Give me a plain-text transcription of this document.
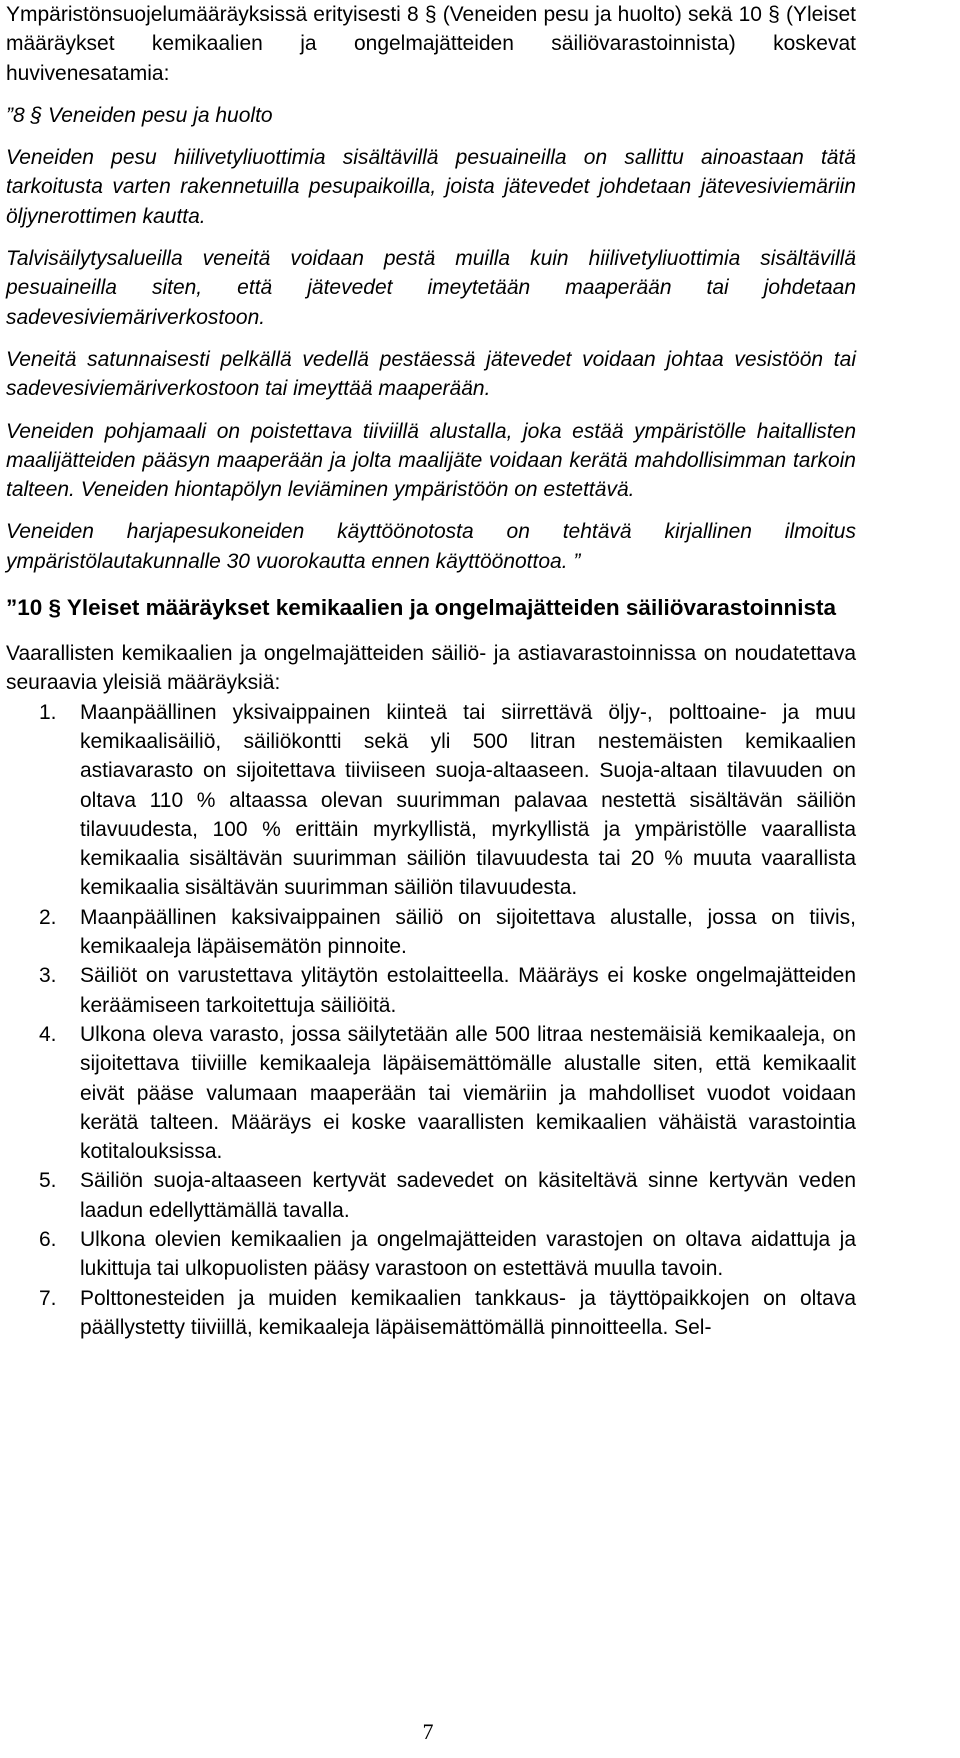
Ympäristönsuojelumääräyksissä erityisesti 8 § (Veneiden pesu ja huolto) sekä 10 § (Yleiset määräykset kemikaalien ja ongelmajätteiden säiliövarastoinnista) koskevat huvivenesatamia:

”8 § Veneiden pesu ja huolto

Veneiden pesu hiilivetyliuottimia sisältävillä pesuaineilla on sallittu ainoastaan tätä tarkoitusta varten rakennetuilla pesupaikoilla, joista jätevedet johdetaan jätevesiviemäriin öljynerottimen kautta.

Talvisäilytysalueilla veneitä voidaan pestä muilla kuin hiilivetyliuottimia sisältävillä pesuaineilla siten, että jätevedet imeytetään maaperään tai johdetaan sadevesiviemäriverkostoon.

Veneitä satunnaisesti pelkällä vedellä pestäessä jätevedet voidaan johtaa vesistöön tai sadevesiviemäriverkostoon tai imeyttää maaperään.

Veneiden pohjamaali on poistettava tiiviillä alustalla, joka estää ympäristölle haitallisten maalijätteiden pääsyn maaperään ja jolta maalijäte voidaan kerätä mahdollisimman tarkoin talteen. Veneiden hiontapölyn leviäminen ympäristöön on estettävä.

Veneiden harjapesukoneiden käyttöönotosta on tehtävä kirjallinen ilmoitus ympäristölautakunnalle 30 vuorokautta ennen käyttöönottoa. ”

”10 § Yleiset määräykset kemikaalien ja ongelmajätteiden säiliövarastoinnista

Vaarallisten kemikaalien ja ongelmajätteiden säiliö- ja astiavarastoinnissa on noudatettava seuraavia yleisiä määräyksiä:

1. Maanpäällinen yksivaippainen kiinteä tai siirrettävä öljy-, polttoaine- ja muu kemikaalisäiliö, säiliökontti sekä yli 500 litran nestemäisten kemikaalien astiavarasto on sijoitettava tiiviiseen suoja-altaaseen. Suoja-altaan tilavuuden on oltava 110 % altaassa olevan suurimman palavaa nestettä sisältävän säiliön tilavuudesta, 100 % erittäin myrkyllistä, myrkyllistä ja ympäristölle vaarallista kemikaalia sisältävän suurimman säiliön tilavuudesta tai 20 % muuta vaarallista kemikaalia sisältävän suurimman säiliön tilavuudesta.

2. Maanpäällinen kaksivaippainen säiliö on sijoitettava alustalle, jossa on tiivis, kemikaaleja läpäisemätön pinnoite.

3. Säiliöt on varustettava ylitäytön estolaitteella. Määräys ei koske ongelmajätteiden keräämiseen tarkoitettuja säiliöitä.

4. Ulkona oleva varasto, jossa säilytetään alle 500 litraa nestemäisiä kemikaaleja, on sijoitettava tiiviille kemikaaleja läpäisemättömälle alustalle siten, että kemikaalit eivät pääse valumaan maaperään tai viemäriin ja mahdolliset vuodot voidaan kerätä talteen. Määräys ei koske vaarallisten kemikaalien vähäistä varastointia kotitalouksissa.

5. Säiliön suoja-altaaseen kertyvät sadevedet on käsiteltävä sinne kertyvän veden laadun edellyttämällä tavalla.

6. Ulkona olevien kemikaalien ja ongelmajätteiden varastojen on oltava aidattuja ja lukittuja tai ulkopuolisten pääsy varastoon on estettävä muulla tavoin.

7. Polttonesteiden ja muiden kemikaalien tankkaus- ja täyttöpaikkojen on oltava päällystetty tiiviillä, kemikaaleja läpäisemättömällä pinnoitteella. Sel-

7
